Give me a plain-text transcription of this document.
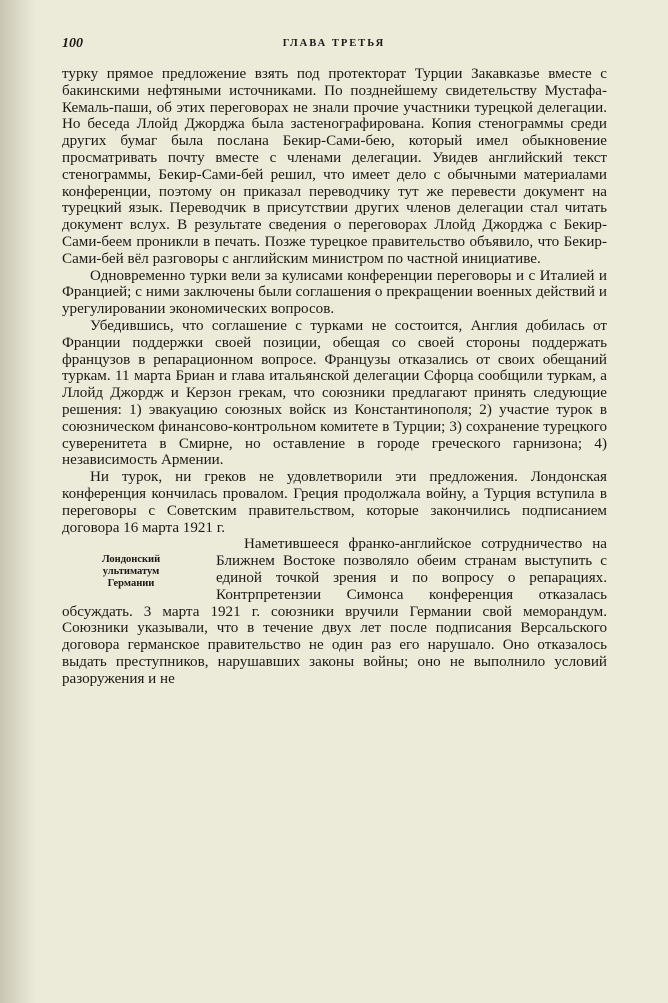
100	ГЛАВА ТРЕТЬЯ

турку прямое предложение взять под протекторат Турции Закавказье вместе с бакинскими нефтяными источниками. По позднейшему свидетельству Мустафа-Кемаль-паши, об этих переговорах не знали прочие участники турецкой делегации. Но беседа Ллойд Джорджа была застенографирована. Копия стенограммы среди других бумаг была послана Бекир-Сами-бею, который имел обыкновение просматривать почту вместе с членами делегации. Увидев английский текст стенограммы, Бекир-Сами-бей решил, что имеет дело с обычными материалами конференции, поэтому он приказал переводчику тут же перевести документ на турецкий язык. Переводчик в присутствии других членов делегации стал читать документ вслух. В результате сведения о переговорах Ллойд Джорджа с Бекир-Сами-беем проникли в печать. Позже турецкое правительство объявило, что Бекир-Сами-бей вёл разговоры с английским министром по частной инициативе.

Одновременно турки вели за кулисами конференции переговоры и с Италией и Францией; с ними заключены были соглашения о прекращении военных действий и урегулировании экономических вопросов.

Убедившись, что соглашение с турками не состоится, Англия добилась от Франции поддержки своей позиции, обещая со своей стороны поддержать французов в репарационном вопросе. Французы отказались от своих обещаний туркам. 11 марта Бриан и глава итальянской делегации Сфорца сообщили туркам, а Ллойд Джордж и Керзон грекам, что союзники предлагают принять следующие решения: 1) эвакуацию союзных войск из Константинополя; 2) участие турок в союзническом финансово-контрольном комитете в Турции; 3) сохранение турецкого суверенитета в Смирне, но оставление в городе греческого гарнизона; 4) независимость Армении.

Ни турок, ни греков не удовлетворили эти предложения. Лондонская конференция кончилась провалом. Греция продолжала войну, а Турция вступила в переговоры с Советским правительством, которые закончились подписанием договора 16 марта 1921 г.

Лондонский
ультиматум
Германии

Наметившееся франко-английское сотрудничество на Ближнем Востоке позволяло обеим странам выступить с единой точкой зрения и по вопросу о репарациях. Контрпретензии Симонса конференция отказалась обсуждать. 3 марта 1921 г. союзники вручили Германии свой меморандум. Союзники указывали, что в течение двух лет после подписания Версальского договора германское правительство не один раз его нарушало. Оно отказалось выдать преступников, нарушавших законы войны; оно не выполнило условий разоружения и не
